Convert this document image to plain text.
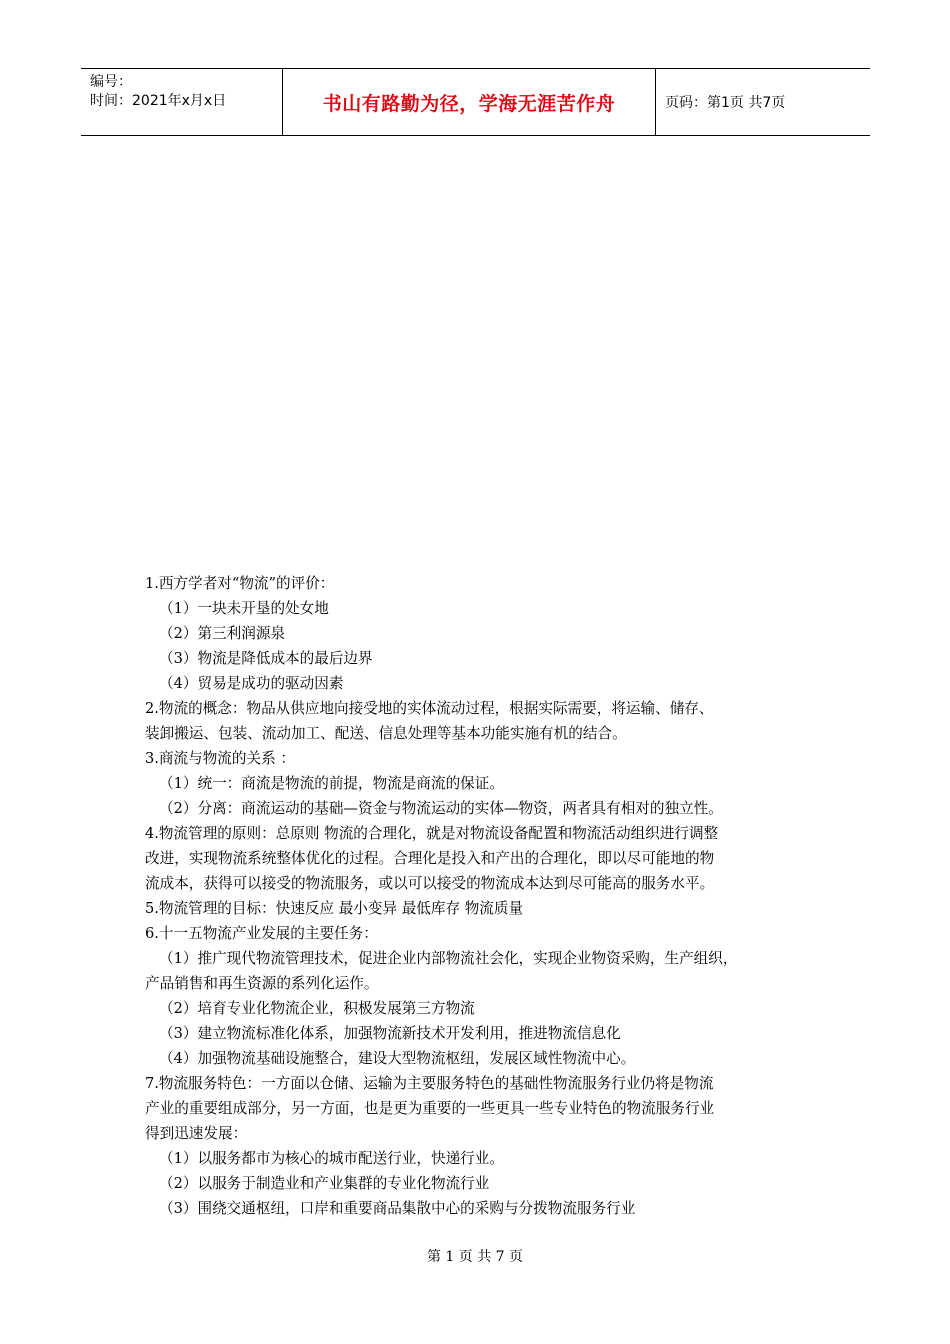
编号：
时间：2021年x月x日	书山有路勤为径，学海无涯苦作舟	页码：第1页 共7页

1.西方学者对“物流”的评价：

（1）一块未开垦的处女地

（2）第三利润源泉

（3）物流是降低成本的最后边界

（4）贸易是成功的驱动因素

2.物流的概念：物品从供应地向接受地的实体流动过程，根据实际需要，将运输、储存、

装卸搬运、包装、流动加工、配送、信息处理等基本功能实施有机的结合。

3.商流与物流的关系 ：

（1）统一：商流是物流的前提，物流是商流的保证。

（2）分离：商流运动的基础—资金与物流运动的实体—物资，两者具有相对的独立性。

4.物流管理的原则：总原则 物流的合理化，就是对物流设备配置和物流活动组织进行调整

改进，实现物流系统整体优化的过程。合理化是投入和产出的合理化，即以尽可能地的物

流成本，获得可以接受的物流服务，或以可以接受的物流成本达到尽可能高的服务水平。

5.物流管理的目标：快速反应 最小变异 最低库存 物流质量

6.十一五物流产业发展的主要任务：

（1）推广现代物流管理技术，促进企业内部物流社会化，实现企业物资采购，生产组织，

产品销售和再生资源的系列化运作。

（2）培育专业化物流企业，积极发展第三方物流

（3）建立物流标准化体系，加强物流新技术开发利用，推进物流信息化

（4）加强物流基础设施整合，建设大型物流枢纽，发展区域性物流中心。

7.物流服务特色：一方面以仓储、运输为主要服务特色的基础性物流服务行业仍将是物流

产业的重要组成部分，另一方面，也是更为重要的一些更具一些专业特色的物流服务行业

得到迅速发展：

（1）以服务都市为核心的城市配送行业，快递行业。

（2）以服务于制造业和产业集群的专业化物流行业

（3）围绕交通枢纽，口岸和重要商品集散中心的采购与分拨物流服务行业

第 1 页 共 7 页
